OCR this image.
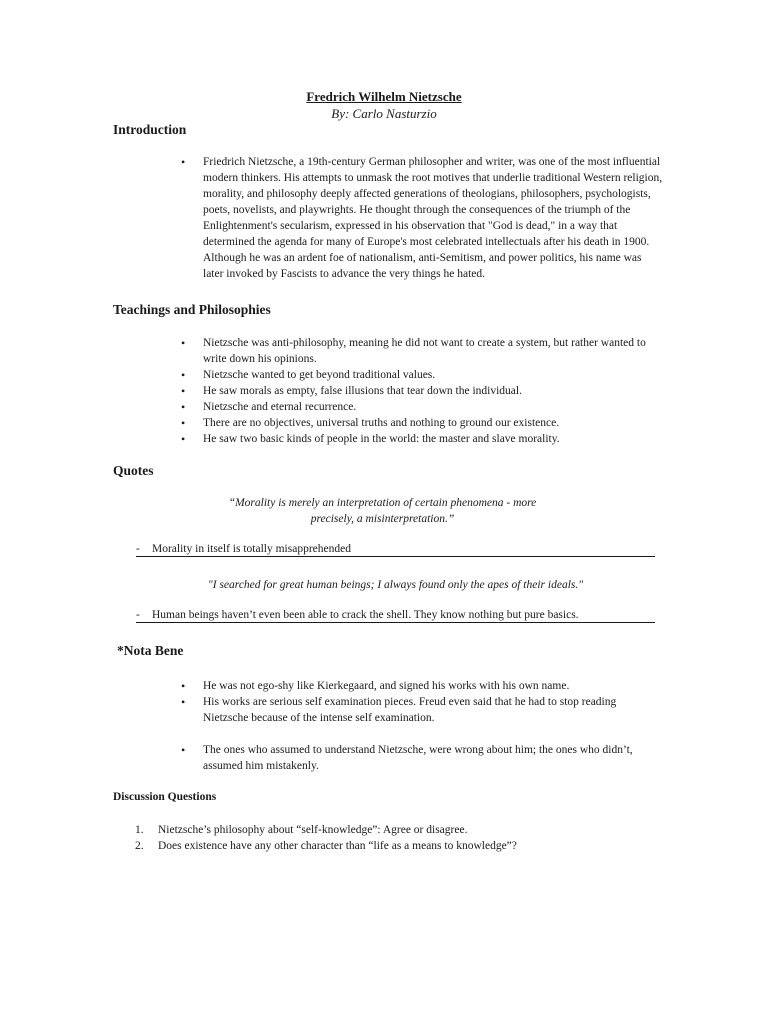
Fredrich Wilhelm Nietzsche
By: Carlo Nasturzio
Introduction
• Friedrich Nietzsche, a 19th-century German philosopher and writer, was one of the most influential modern thinkers. His attempts to unmask the root motives that underlie traditional Western religion, morality, and philosophy deeply affected generations of theologians, philosophers, psychologists, poets, novelists, and playwrights. He thought through the consequences of the triumph of the Enlightenment's secularism, expressed in his observation that "God is dead," in a way that determined the agenda for many of Europe's most celebrated intellectuals after his death in 1900. Although he was an ardent foe of nationalism, anti-Semitism, and power politics, his name was later invoked by Fascists to advance the very things he hated.
Teachings and Philosophies
• Nietzsche was anti-philosophy, meaning he did not want to create a system, but rather wanted to write down his opinions.
• Nietzsche wanted to get beyond traditional values.
• He saw morals as empty, false illusions that tear down the individual.
• Nietzsche and eternal recurrence.
• There are no objectives, universal truths and nothing to ground our existence.
• He saw two basic kinds of people in the world: the master and slave morality.
Quotes
“Morality is merely an interpretation of certain phenomena - more
precisely, a misinterpretation.”
- Morality in itself is totally misapprehended
"I searched for great human beings; I always found only the apes of their ideals."
- Human beings haven’t even been able to crack the shell. They know nothing but pure basics.
*Nota Bene
• He was not ego-shy like Kierkegaard, and signed his works with his own name.
• His works are serious self examination pieces. Freud even said that he had to stop reading Nietzsche because of the intense self examination.
• The ones who assumed to understand Nietzsche, were wrong about him; the ones who didn’t, assumed him mistakenly.
Discussion Questions
1. Nietzsche’s philosophy about “self-knowledge”: Agree or disagree.
2. Does existence have any other character than “life as a means to knowledge”?
